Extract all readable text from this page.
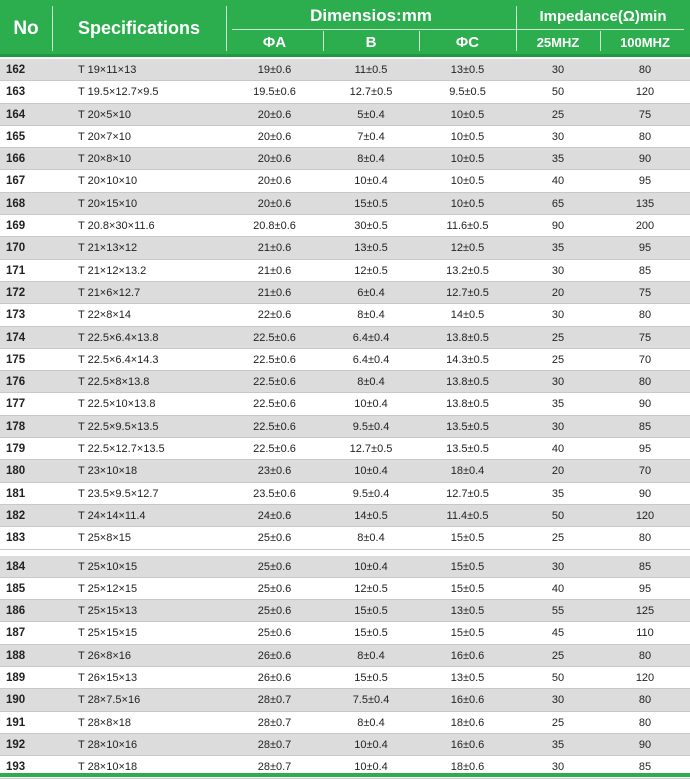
No	Specifications
Dimensios:mm	Impedance(Ω)min
ΦA	B	ΦC	25MHZ	100MHZ
162	T 19×11×13	19±0.6	11±0.5	13±0.5	30	80
163	T 19.5×12.7×9.5	19.5±0.6	12.7±0.5	9.5±0.5	50	120
164	T 20×5×10	20±0.6	5±0.4	10±0.5	25	75
165	T 20×7×10	20±0.6	7±0.4	10±0.5	30	80
166	T 20×8×10	20±0.6	8±0.4	10±0.5	35	90
167	T 20×10×10	20±0.6	10±0.4	10±0.5	40	95
168	T 20×15×10	20±0.6	15±0.5	10±0.5	65	135
169	T 20.8×30×11.6	20.8±0.6	30±0.5	11.6±0.5	90	200
170	T 21×13×12	21±0.6	13±0.5	12±0.5	35	95
171	T 21×12×13.2	21±0.6	12±0.5	13.2±0.5	30	85
172	T 21×6×12.7	21±0.6	6±0.4	12.7±0.5	20	75
173	T 22×8×14	22±0.6	8±0.4	14±0.5	30	80
174	T 22.5×6.4×13.8	22.5±0.6	6.4±0.4	13.8±0.5	25	75
175	T 22.5×6.4×14.3	22.5±0.6	6.4±0.4	14.3±0.5	25	70
176	T 22.5×8×13.8	22.5±0.6	8±0.4	13.8±0.5	30	80
177	T 22.5×10×13.8	22.5±0.6	10±0.4	13.8±0.5	35	90
178	T 22.5×9.5×13.5	22.5±0.6	9.5±0.4	13.5±0.5	30	85
179	T 22.5×12.7×13.5	22.5±0.6	12.7±0.5	13.5±0.5	40	95
180	T 23×10×18	23±0.6	10±0.4	18±0.4	20	70
181	T 23.5×9.5×12.7	23.5±0.6	9.5±0.4	12.7±0.5	35	90
182	T 24×14×11.4	24±0.6	14±0.5	11.4±0.5	50	120
183	T 25×8×15	25±0.6	8±0.4	15±0.5	25	80
184	T 25×10×15	25±0.6	10±0.4	15±0.5	30	85
185	T 25×12×15	25±0.6	12±0.5	15±0.5	40	95
186	T 25×15×13	25±0.6	15±0.5	13±0.5	55	125
187	T 25×15×15	25±0.6	15±0.5	15±0.5	45	110
188	T 26×8×16	26±0.6	8±0.4	16±0.6	25	80
189	T 26×15×13	26±0.6	15±0.5	13±0.5	50	120
190	T 28×7.5×16	28±0.7	7.5±0.4	16±0.6	30	80
191	T 28×8×18	28±0.7	8±0.4	18±0.6	25	80
192	T 28×10×16	28±0.7	10±0.4	16±0.6	35	90
193	T 28×10×18	28±0.7	10±0.4	18±0.6	30	85
